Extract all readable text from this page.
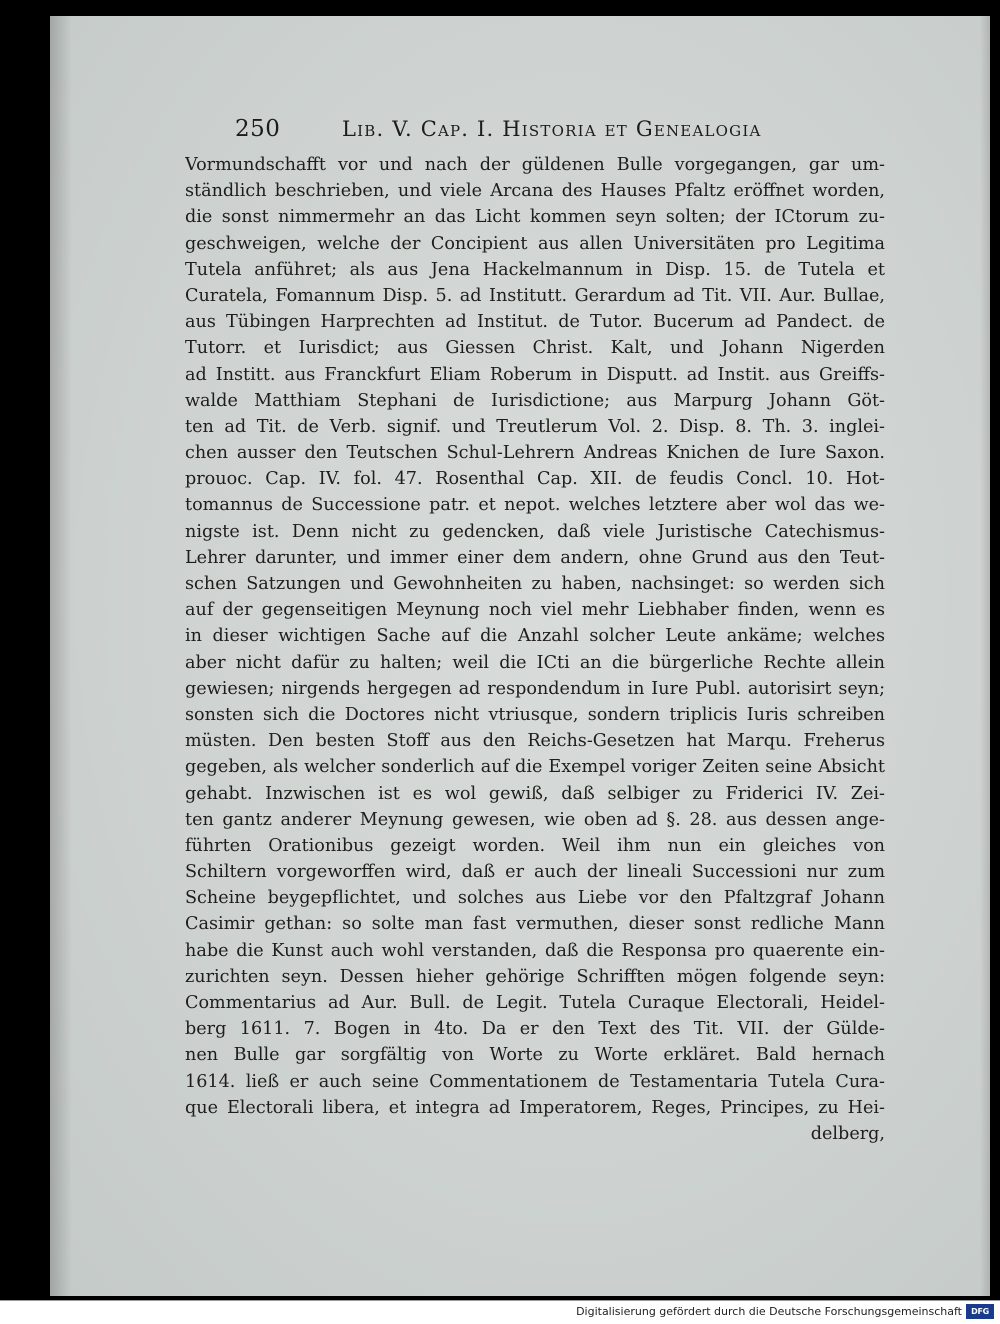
250	Lib. V. Cap. I. Historia et Genealogia
Vormundschafft vor und nach der güldenen Bulle vorgegangen, gar um-
ständlich beschrieben, und viele Arcana des Hauses Pfaltz eröffnet worden,
die sonst nimmermehr an das Licht kommen seyn solten; der ICtorum zu-
geschweigen, welche der Concipient aus allen Universitäten pro Legitima
Tutela anführet; als aus Jena Hackelmannum in Disp. 15. de Tutela et
Curatela, Fomannum Disp. 5. ad Institutt. Gerardum ad Tit. VII. Aur. Bullae,
aus Tübingen Harprechten ad Institut. de Tutor. Bucerum ad Pandect. de
Tutorr. et Iurisdict; aus Giessen Christ. Kalt, und Johann Nigerden
ad Institt. aus Franckfurt Eliam Roberum in Disputt. ad Instit. aus Greiffs-
walde Matthiam Stephani de Iurisdictione; aus Marpurg Johann Göt-
ten ad Tit. de Verb. signif. und Treutlerum Vol. 2. Disp. 8. Th. 3. inglei-
chen ausser den Teutschen Schul-Lehrern Andreas Knichen de Iure Saxon.
prouoc. Cap. IV. fol. 47. Rosenthal Cap. XII. de feudis Concl. 10. Hot-
tomannus de Successione patr. et nepot. welches letztere aber wol das we-
nigste ist. Denn nicht zu gedencken, daß viele Juristische Catechismus-
Lehrer darunter, und immer einer dem andern, ohne Grund aus den Teut-
schen Satzungen und Gewohnheiten zu haben, nachsinget: so werden sich
auf der gegenseitigen Meynung noch viel mehr Liebhaber finden, wenn es
in dieser wichtigen Sache auf die Anzahl solcher Leute ankäme; welches
aber nicht dafür zu halten; weil die ICti an die bürgerliche Rechte allein
gewiesen; nirgends hergegen ad respondendum in Iure Publ. autorisirt seyn;
sonsten sich die Doctores nicht vtriusque, sondern triplicis Iuris schreiben
müsten. Den besten Stoff aus den Reichs-Gesetzen hat Marqu. Freherus
gegeben, als welcher sonderlich auf die Exempel voriger Zeiten seine Absicht
gehabt. Inzwischen ist es wol gewiß, daß selbiger zu Friderici IV. Zei-
ten gantz anderer Meynung gewesen, wie oben ad §. 28. aus dessen ange-
führten Orationibus gezeigt worden. Weil ihm nun ein gleiches von
Schiltern vorgeworffen wird, daß er auch der lineali Successioni nur zum
Scheine beygepflichtet, und solches aus Liebe vor den Pfaltzgraf Johann
Casimir gethan: so solte man fast vermuthen, dieser sonst redliche Mann
habe die Kunst auch wohl verstanden, daß die Responsa pro quaerente ein-
zurichten seyn. Dessen hieher gehörige Schrifften mögen folgende seyn:
Commentarius ad Aur. Bull. de Legit. Tutela Curaque Electorali, Heidel-
berg 1611. 7. Bogen in 4to. Da er den Text des Tit. VII. der Gülde-
nen Bulle gar sorgfältig von Worte zu Worte erkläret. Bald hernach
1614. ließ er auch seine Commentationem de Testamentaria Tutela Cura-
que Electorali libera, et integra ad Imperatorem, Reges, Principes, zu Hei-
delberg,
Digitalisierung gefördert durch die Deutsche Forschungsgemeinschaft	DFG
